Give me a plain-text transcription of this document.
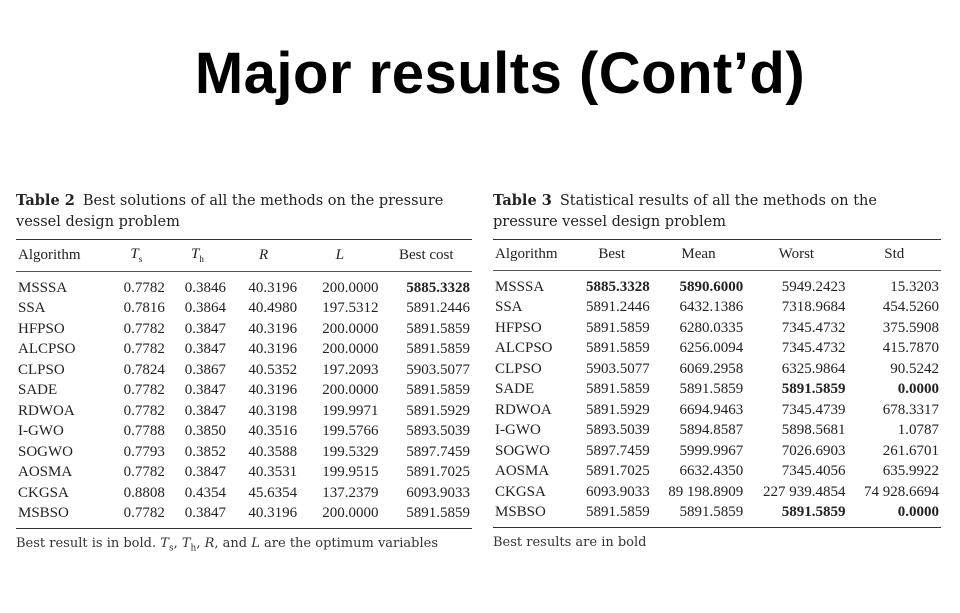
Major results (Cont’d)
Table 2 Best solutions of all the methods on the pressure vessel design problem
Algorithm	$T_s$	$T_h$	R	L	Best cost
MSSSA	0.7782	0.3846	40.3196	200.0000	5885.3328
SSA	0.7816	0.3864	40.4980	197.5312	5891.2446
HFPSO	0.7782	0.3847	40.3196	200.0000	5891.5859
ALCPSO	0.7782	0.3847	40.3196	200.0000	5891.5859
CLPSO	0.7824	0.3867	40.5352	197.2093	5903.5077
SADE	0.7782	0.3847	40.3196	200.0000	5891.5859
RDWOA	0.7782	0.3847	40.3198	199.9971	5891.5929
I-GWO	0.7788	0.3850	40.3516	199.5766	5893.5039
SOGWO	0.7793	0.3852	40.3588	199.5329	5897.7459
AOSMA	0.7782	0.3847	40.3531	199.9515	5891.7025
CKGSA	0.8808	0.4354	45.6354	137.2379	6093.9033
MSBSO	0.7782	0.3847	40.3196	200.0000	5891.5859
Best result is in bold. $T_s$, $T_h$, R, and L are the optimum variables
Table 3 Statistical results of all the methods on the pressure vessel design problem
Algorithm	Best	Mean	Worst	Std
MSSSA	5885.3328	5890.6000	5949.2423	15.3203
SSA	5891.2446	6432.1386	7318.9684	454.5260
HFPSO	5891.5859	6280.0335	7345.4732	375.5908
ALCPSO	5891.5859	6256.0094	7345.4732	415.7870
CLPSO	5903.5077	6069.2958	6325.9864	90.5242
SADE	5891.5859	5891.5859	5891.5859	0.0000
RDWOA	5891.5929	6694.9463	7345.4739	678.3317
I-GWO	5893.5039	5894.8587	5898.5681	1.0787
SOGWO	5897.7459	5999.9967	7026.6903	261.6701
AOSMA	5891.7025	6632.4350	7345.4056	635.9922
CKGSA	6093.9033	89 198.8909	227 939.4854	74 928.6694
MSBSO	5891.5859	5891.5859	5891.5859	0.0000
Best results are in bold
